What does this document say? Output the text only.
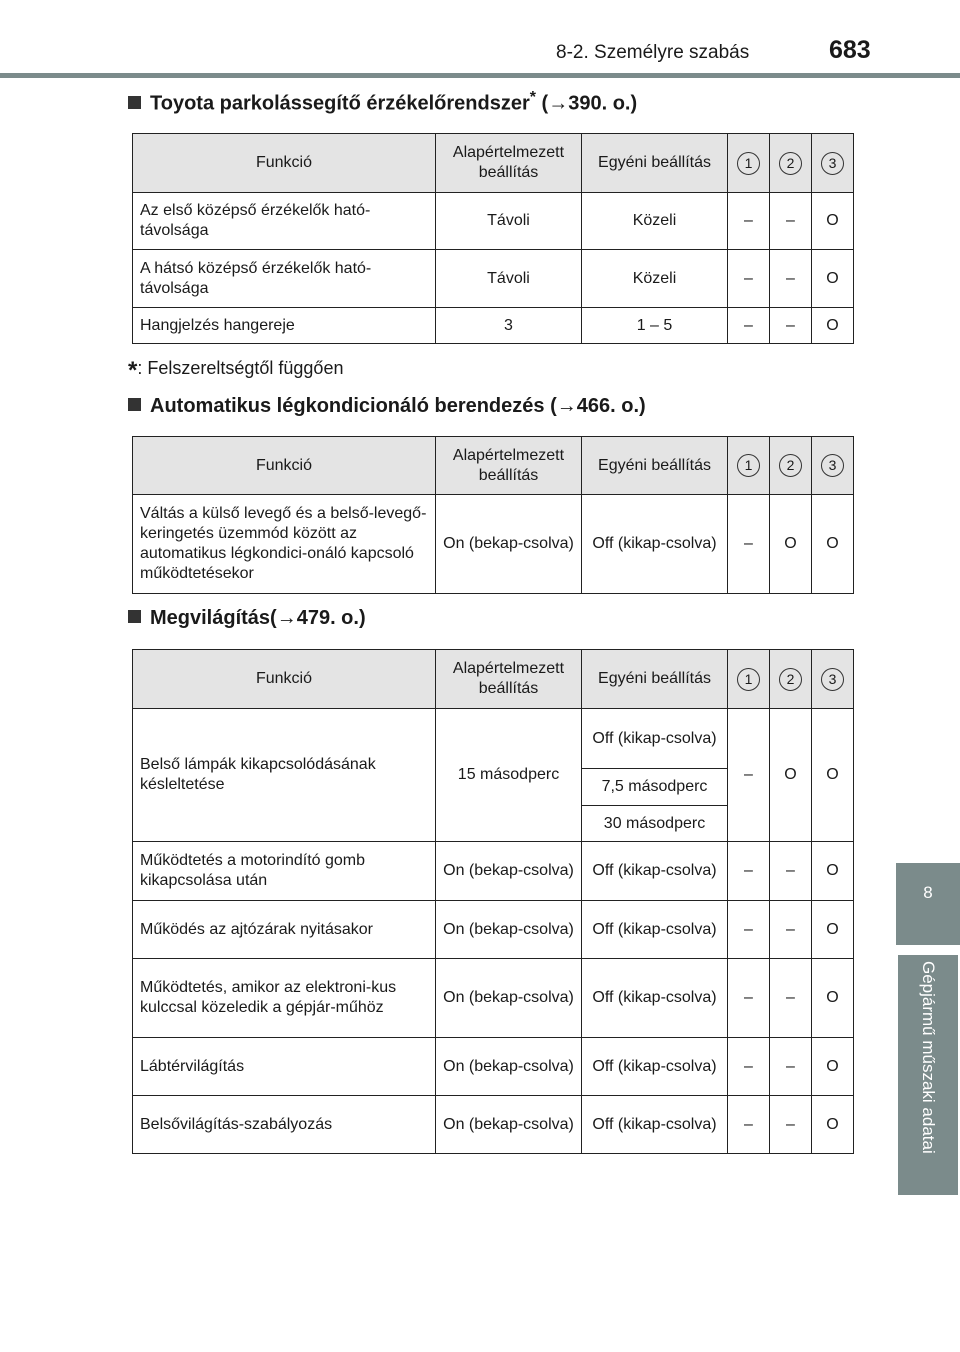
8-2. Személyre szabás	683
8
Gépjármű műszaki adatai
Toyota parkolássegítő érzékelőrendszer* (→390. o.)
Funkció	Alapértelmezett beállítás	Egyéni beállítás	1	2	3
Az első középső érzékelők ható-távolsága	Távoli	Közeli	–	–	O
A hátsó középső érzékelők ható-távolsága	Távoli	Közeli	–	–	O
Hangjelzés hangereje	3	1 – 5	–	–	O
*: Felszereltségtől függően
Automatikus légkondicionáló berendezés (→466. o.)
Funkció	Alapértelmezett beállítás	Egyéni beállítás	1	2	3
Váltás a külső levegő és a belső-levegő-keringetés üzemmód között az automatikus légkondici-onáló kapcsoló működtetésekor	On (bekap-csolva)	Off (kikap-csolva)	–	O	O
Megvilágítás(→479. o.)
Funkció	Alapértelmezett beállítás	Egyéni beállítás	1	2	3
Belső lámpák kikapcsolódásának késleltetése	15 másodperc	Off (kikap-csolva)	–	O	O
		7,5 másodperc			
		30 másodperc			
Működtetés a motorindító gomb kikapcsolása után	On (bekap-csolva)	Off (kikap-csolva)	–	–	O
Működés az ajtózárak nyitásakor	On (bekap-csolva)	Off (kikap-csolva)	–	–	O
Működtetés, amikor az elektroni-kus kulccsal közeledik a gépjár-műhöz	On (bekap-csolva)	Off (kikap-csolva)	–	–	O
Lábtérvilágítás	On (bekap-csolva)	Off (kikap-csolva)	–	–	O
Belsővilágítás-szabályozás	On (bekap-csolva)	Off (kikap-csolva)	–	–	O
